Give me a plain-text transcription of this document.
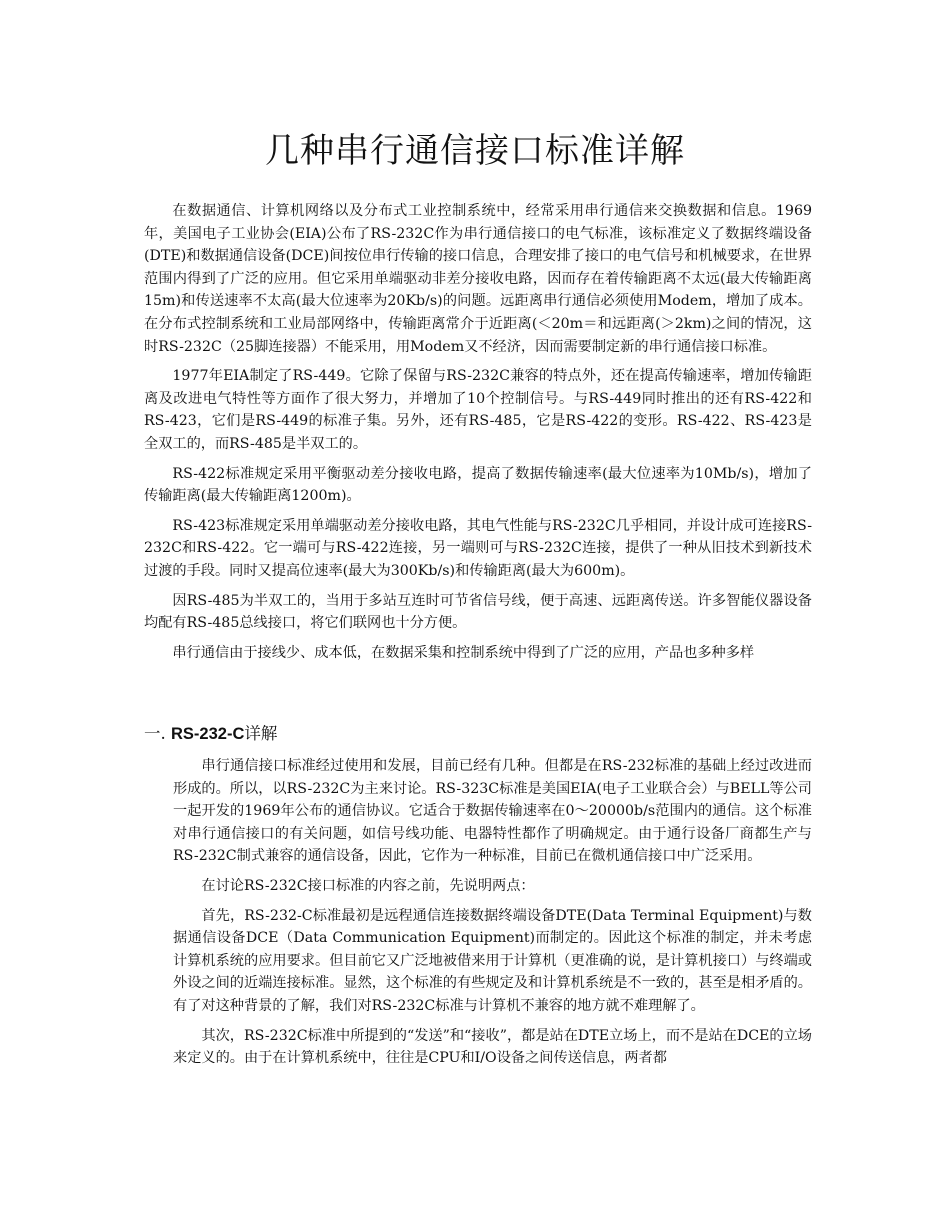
几种串行通信接口标准详解

在数据通信、计算机网络以及分布式工业控制系统中，经常采用串行通信来交换数据和信息。1969年，美国电子工业协会(EIA)公布了RS-232C作为串行通信接口的电气标准，该标准定义了数据终端设备(DTE)和数据通信设备(DCE)间按位串行传输的接口信息，合理安排了接口的电气信号和机械要求，在世界范围内得到了广泛的应用。但它采用单端驱动非差分接收电路，因而存在着传输距离不太远(最大传输距离15m)和传送速率不太高(最大位速率为20Kb/s)的问题。远距离串行通信必须使用Modem，增加了成本。在分布式控制系统和工业局部网络中，传输距离常介于近距离(＜20m＝和远距离(＞2km)之间的情况，这时RS-232C（25脚连接器）不能采用，用Modem又不经济，因而需要制定新的串行通信接口标准。

1977年EIA制定了RS-449。它除了保留与RS-232C兼容的特点外，还在提高传输速率，增加传输距离及改进电气特性等方面作了很大努力，并增加了10个控制信号。与RS-449同时推出的还有RS-422和RS-423，它们是RS-449的标准子集。另外，还有RS-485，它是RS-422的变形。RS-422、RS-423是全双工的，而RS-485是半双工的。

RS-422标准规定采用平衡驱动差分接收电路，提高了数据传输速率(最大位速率为10Mb/s)，增加了传输距离(最大传输距离1200m)。

RS-423标准规定采用单端驱动差分接收电路，其电气性能与RS-232C几乎相同，并设计成可连接RS-232C和RS-422。它一端可与RS-422连接，另一端则可与RS-232C连接，提供了一种从旧技术到新技术过渡的手段。同时又提高位速率(最大为300Kb/s)和传输距离(最大为600m)。

因RS-485为半双工的，当用于多站互连时可节省信号线，便于高速、远距离传送。许多智能仪器设备均配有RS-485总线接口，将它们联网也十分方便。

串行通信由于接线少、成本低，在数据采集和控制系统中得到了广泛的应用，产品也多种多样

一. RS-232-C详解

串行通信接口标准经过使用和发展，目前已经有几种。但都是在RS-232标准的基础上经过改进而形成的。所以，以RS-232C为主来讨论。RS-323C标准是美国EIA(电子工业联合会）与BELL等公司一起开发的1969年公布的通信协议。它适合于数据传输速率在0～20000b/s范围内的通信。这个标准对串行通信接口的有关问题，如信号线功能、电器特性都作了明确规定。由于通行设备厂商都生产与RS-232C制式兼容的通信设备，因此，它作为一种标准，目前已在微机通信接口中广泛采用。

在讨论RS-232C接口标准的内容之前，先说明两点：

首先，RS-232-C标准最初是远程通信连接数据终端设备DTE(Data Terminal Equipment)与数据通信设备DCE（Data Communication Equipment)而制定的。因此这个标准的制定，并未考虑计算机系统的应用要求。但目前它又广泛地被借来用于计算机（更准确的说，是计算机接口）与终端或外设之间的近端连接标准。显然，这个标准的有些规定及和计算机系统是不一致的，甚至是相矛盾的。有了对这种背景的了解，我们对RS-232C标准与计算机不兼容的地方就不难理解了。

其次，RS-232C标准中所提到的“发送”和“接收”，都是站在DTE立场上，而不是站在DCE的立场来定义的。由于在计算机系统中，往往是CPU和I/O设备之间传送信息，两者都
